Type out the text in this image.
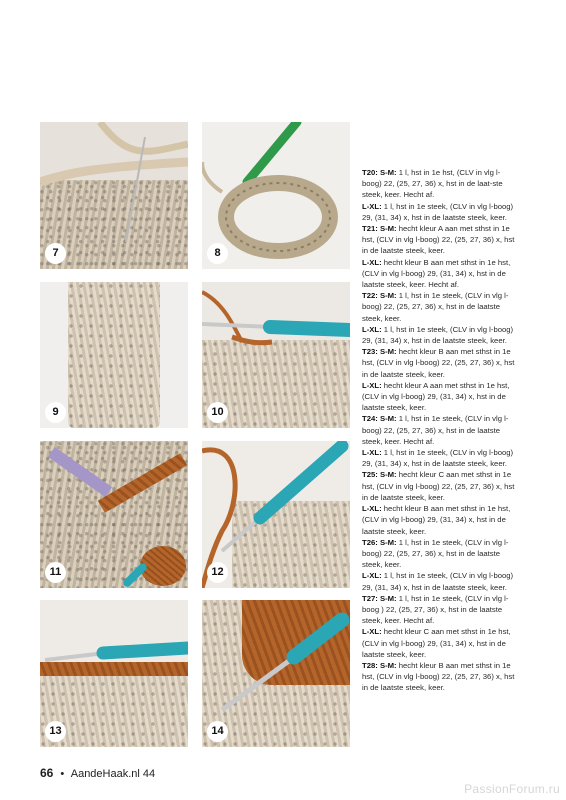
7	8
9	10
11	12
13	14

T20: S-M: 1 l, hst in 1e hst, (CLV in vlg l-boog) 22, (25, 27, 36) x, hst in de laat-ste steek, keer. Hecht af.

L-XL: 1 l, hst in 1e steek, (CLV in vlg l-boog) 29, (31, 34) x, hst in de laatste steek, keer.

T21: S-M: hecht kleur A aan met sthst in 1e hst, (CLV in vlg l-boog) 22, (25, 27, 36) x, hst in de laatste steek, keer.

L-XL: hecht kleur B aan met sthst in 1e hst, (CLV in vlg l-boog) 29, (31, 34) x, hst in de laatste steek, keer. Hecht af.

T22: S-M: 1 l, hst in 1e steek, (CLV in vlg l-boog) 22, (25, 27, 36) x, hst in de laatste steek, keer.

L-XL: 1 l, hst in 1e steek, (CLV in vlg l-boog) 29, (31, 34) x, hst in de laatste steek, keer.

T23: S-M: hecht kleur B aan met sthst in 1e hst, (CLV in vlg l-boog) 22, (25, 27, 36) x, hst in de laatste steek, keer.

L-XL: hecht kleur A aan met sthst in 1e hst, (CLV in vlg l-boog) 29, (31, 34) x, hst in de laatste steek, keer.

T24: S-M: 1 l, hst in 1e steek, (CLV in vlg l-boog) 22, (25, 27, 36) x, hst in de laatste steek, keer. Hecht af.

L-XL: 1 l, hst in 1e steek, (CLV in vlg l-boog) 29, (31, 34) x, hst in de laatste steek, keer.

T25: S-M: hecht kleur C aan met sthst in 1e hst, (CLV in vlg l-boog) 22, (25, 27, 36) x, hst in de laatste steek, keer.

L-XL: hecht kleur B aan met sthst in 1e hst, (CLV in vlg l-boog) 29, (31, 34) x, hst in de laatste steek, keer.

T26: S-M: 1 l, hst in 1e steek, (CLV in vlg l-boog) 22, (25, 27, 36) x, hst in de laatste steek, keer.

L-XL: 1 l, hst in 1e steek, (CLV in vlg l-boog) 29, (31, 34) x, hst in de laatste steek, keer.

T27: S-M: 1 l, hst in 1e steek, (CLV in vlg l-boog ) 22, (25, 27, 36) x, hst in de laatste steek, keer. Hecht af.

L-XL: hecht kleur C aan met sthst in 1e hst, (CLV in vlg l-boog) 29, (31, 34) x, hst in de laatste steek, keer.

T28: S-M: hecht kleur B aan met sthst in 1e hst, (CLV in vlg l-boog) 22, (25, 27, 36) x, hst in de laatste steek, keer.

66 • AandeHaak.nl 44
PassionForum.ru
